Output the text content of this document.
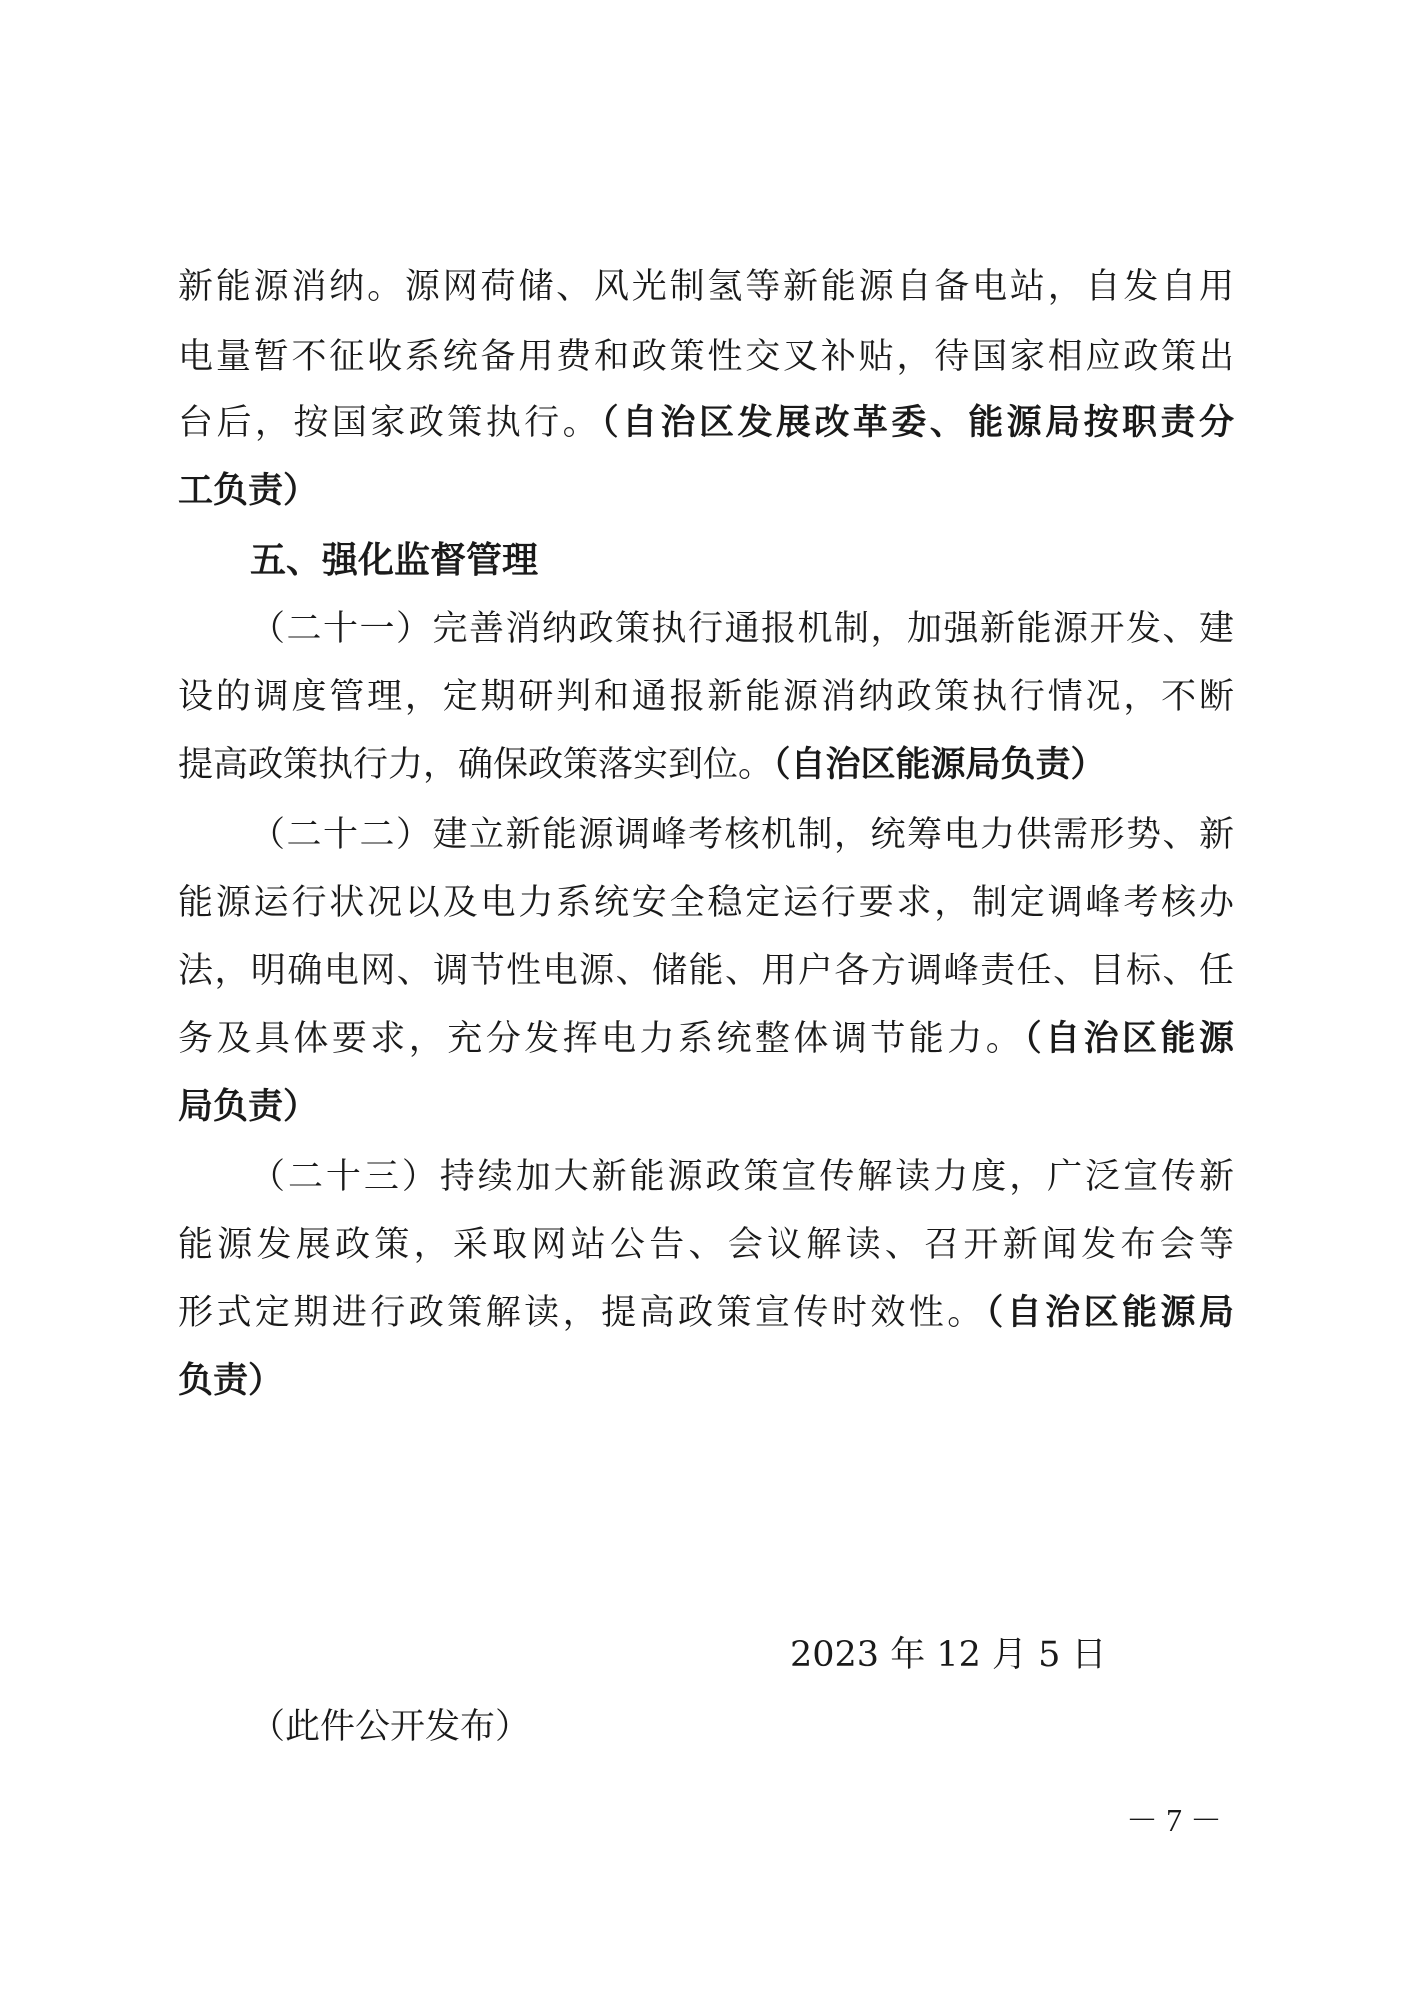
新能源消纳。源网荷储、风光制氢等新能源自备电站，自发自用
电量暂不征收系统备用费和政策性交叉补贴，待国家相应政策出
台后，按国家政策执行。（自治区发展改革委、能源局按职责分
工负责）
五、强化监督管理
（二十一）完善消纳政策执行通报机制，加强新能源开发、建
设的调度管理，定期研判和通报新能源消纳政策执行情况，不断
提高政策执行力，确保政策落实到位。（自治区能源局负责）
（二十二）建立新能源调峰考核机制，统筹电力供需形势、新
能源运行状况以及电力系统安全稳定运行要求，制定调峰考核办
法，明确电网、调节性电源、储能、用户各方调峰责任、目标、任
务及具体要求，充分发挥电力系统整体调节能力。（自治区能源
局负责）
（二十三）持续加大新能源政策宣传解读力度，广泛宣传新
能源发展政策，采取网站公告、会议解读、召开新闻发布会等
形式定期进行政策解读，提高政策宣传时效性。（自治区能源局
负责）
2023 年 12 月 5 日
（此件公开发布）
－ 7 －
